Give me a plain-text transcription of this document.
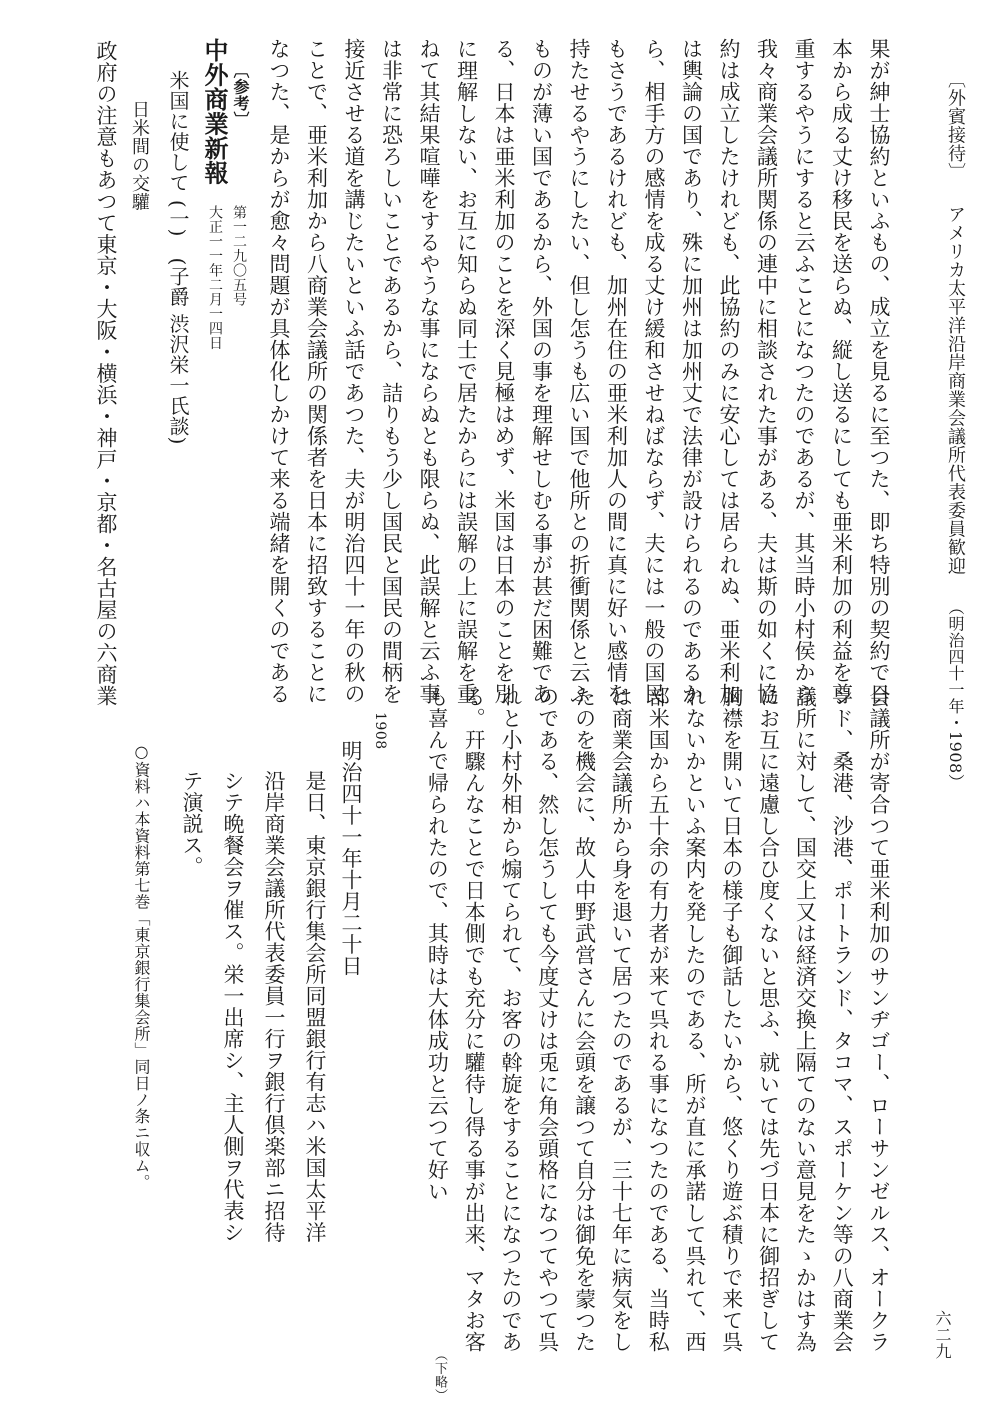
〔外賓接待〕 アメリカ太平洋沿岸商業会議所代表委員歓迎 （明治四十一年・1908）
果が紳士協約といふもの、成立を見るに至つた、即ち特別の契約で日
本から成る丈け移民を送らぬ、縦し送るにしても亜米利加の利益を尊
重するやうにすると云ふことになつたのであるが、其当時小村侯から
我々商業会議所関係の連中に相談された事がある、夫は斯の如くに協
約は成立したけれども、此協約のみに安心しては居られぬ、亜米利加
は輿論の国であり、殊に加州は加州丈で法律が設けられるのであるか
ら、相手方の感情を成る丈け緩和させねばならず、夫には一般の国民
もさうであるけれども、加州在住の亜米利加人の間に真に好い感情を
持たせるやうにしたい、但し怎うも広い国で他所との折衝関係と云ふ
ものが薄い国であるから、外国の事を理解せしむる事が甚だ困難であ
る、日本は亜米利加のことを深く見極はめず、米国は日本のことを別
に理解しない、お互に知らぬ同士で居たからには誤解の上に誤解を重
ねて其結果喧嘩をするやうな事にならぬとも限らぬ、此誤解と云ふ事
は非常に恐ろしいことであるから、詰りもう少し国民と国民の間柄を
接近させる道を講じたいといふ話であつた、夫が明治四十一年の秋の
ことで、亜米利加から八商業会議所の関係者を日本に招致することに
なつた、是からが愈々問題が具体化しかけて来る端緒を開くのである
〔参考〕
中外商業新報
第一二九〇五号
大正一一年二月一四日
米国に使して (一)　(子爵 渋沢栄一氏談)
日米間の交驩
政府の注意もあつて東京・大阪・横浜・神戸・京都・名古屋の六商業
会議所が寄合つて亜米利加のサンヂゴー、ローサンゼルス、オークラ
ンド、桑港、沙港、ポートランド、タコマ、スポーケン等の八商業会
議所に対して、国交上又は経済交換上隔てのない意見をたゝかはす為
にお互に遠慮し合ひ度くないと思ふ、就いては先づ日本に御招ぎして
胸襟を開いて日本の様子も御話したいから、悠くり遊ぶ積りで来て呉
れないかといふ案内を発したのである、所が直に承諾して呉れて、西
部米国から五十余の有力者が来て呉れる事になつたのである、当時私
は商業会議所から身を退いて居つたのであるが、三十七年に病気をし
たのを機会に、故人中野武営さんに会頭を譲つて自分は御免を蒙つた
のである、然し怎うしても今度丈けは兎に角会頭格になつてやつて呉
れと小村外相から煽てられて、お客の斡旋をすることになつたのであ
る。幵驟んなことで日本側でも充分に驩待し得る事が出来、マタお客
も喜んで帰られたので、其時は大体成功と云つて好い
（下略）
1908
明治四十一年十月二十日
是日、東京銀行集会所同盟銀行有志ハ米国太平洋
沿岸商業会議所代表委員一行ヲ銀行倶楽部ニ招待
シテ晩餐会ヲ催ス。栄一出席シ、主人側ヲ代表シ
テ演説ス。
○資料ハ本資料第七巻「東京銀行集会所」同日ノ条ニ収ム。
六二九
